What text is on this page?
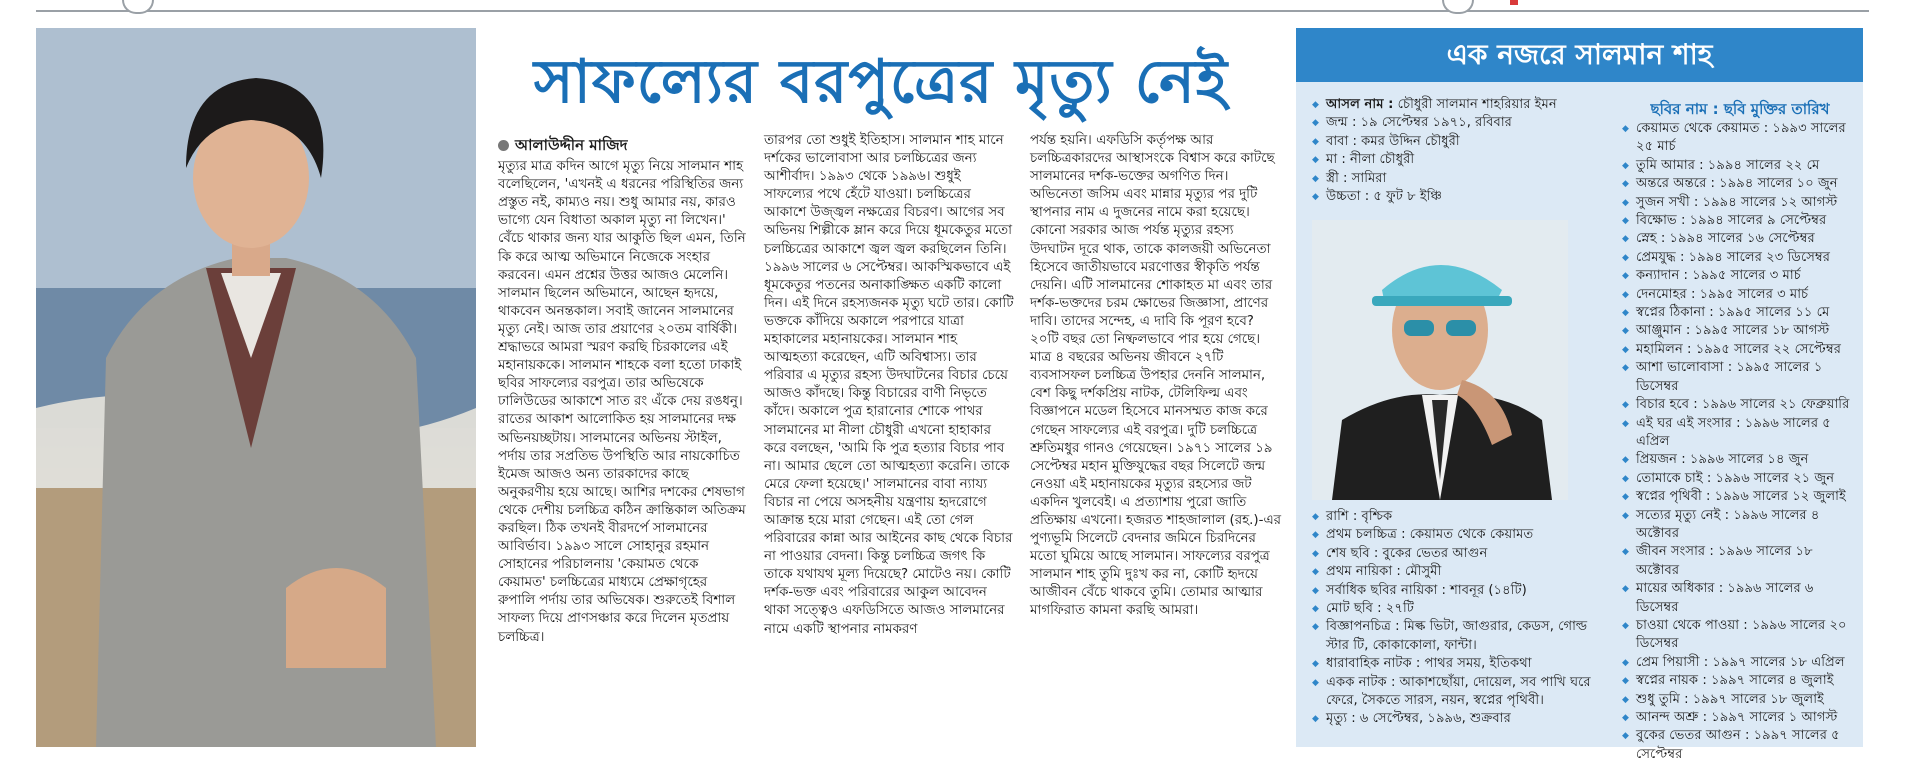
সাফল্যের বরপুত্রের মৃত্যু নেই
আলাউদ্দীন মাজিদ

মৃত্যুর মাত্র কদিন আগে মৃত্যু নিয়ে সালমান শাহ বলেছিলেন, 'এখনই এ ধরনের পরিস্থিতির জন্য প্রস্তুত নই, কাম্যও নয়। শুধু আমার নয়, কারও ভাগ্যে যেন বিধাতা অকাল মৃত্যু না লিখেন।' বেঁচে থাকার জন্য যার আকুতি ছিল এমন, তিনি কি করে আত্ম অভিমানে নিজেকে সংহার করবেন। এমন প্রশ্নের উত্তর আজও মেলেনি। সালমান ছিলেন অভিমানে, আছেন হৃদয়ে, থাকবেন অনন্তকাল। সবাই জানেন সালমানের মৃত্যু নেই। আজ তার প্রয়াণের ২০তম বার্ষিকী। শ্রদ্ধাভরে আমরা স্মরণ করছি চিরকালের এই মহানায়ককে। সালমান শাহকে বলা হতো ঢাকাই ছবির সাফল্যের বরপুত্র। তার অভিষেকে ঢালিউডের আকাশে সাত রং এঁকে দেয় রঙধনু। রাতের আকাশ আলোকিত হয় সালমানের দক্ষ অভিনয়চ্ছটায়। সালমানের অভিনয় স্টাইল, পর্দায় তার সপ্রতিভ উপস্থিতি আর নায়কোচিত ইমেজ আজও অন্য তারকাদের কাছে অনুকরণীয় হয়ে আছে। আশির দশকের শেষভাগ থেকে দেশীয় চলচ্চিত্র কঠিন ক্রান্তিকাল অতিক্রম করছিল। ঠিক তখনই বীরদর্পে সালমানের আবির্ভাব। ১৯৯৩ সালে সোহানুর রহমান সোহানের পরিচালনায় 'কেয়ামত থেকে কেয়ামত' চলচ্চিত্রের মাধ্যমে প্রেক্ষাগৃহের রুপালি পর্দায় তার অভিষেক। শুরুতেই বিশাল সাফল্য দিয়ে প্রাণসঞ্চার করে দিলেন মৃতপ্রায় চলচ্চিত্র।

তারপর তো শুধুই ইতিহাস। সালমান শাহ মানে দর্শকের ভালোবাসা আর চলচ্চিত্রের জন্য আশীর্বাদ। ১৯৯৩ থেকে ১৯৯৬। শুধুই সাফল্যের পথে হেঁটে যাওয়া। চলচ্চিত্রের আকাশে উজ্জ্বল নক্ষত্রের বিচরণ। আগের সব অভিনয় শিল্পীকে ম্লান করে দিয়ে ধূমকেতুর মতো চলচ্চিত্রের আকাশে জ্বল জ্বল করছিলেন তিনি। ১৯৯৬ সালের ৬ সেপ্টেম্বর। আকস্মিকভাবে এই ধূমকেতুর পতনের অনাকাঙ্ক্ষিত একটি কালো দিন। এই দিনে রহস্যজনক মৃত্যু ঘটে তার। কোটি ভক্তকে কাঁদিয়ে অকালে পরপারে যাত্রা মহাকালের মহানায়কের। সালমান শাহ আত্মহত্যা করেছেন, এটি অবিশ্বাস্য। তার পরিবার এ মৃত্যুর রহস্য উদঘাটনের বিচার চেয়ে আজও কাঁদছে। কিন্তু বিচারের বাণী নিভৃতে কাঁদে। অকালে পুত্র হারানোর শোকে পাথর সালমানের মা নীলা চৌধুরী এখনো হাহাকার করে বলছেন, 'আমি কি পুত্র হত্যার বিচার পাব না। আমার ছেলে তো আত্মহত্যা করেনি। তাকে মেরে ফেলা হয়েছে।' সালমানের বাবা ন্যায্য বিচার না পেয়ে অসহনীয় যন্ত্রণায় হৃদরোগে আক্রান্ত হয়ে মারা গেছেন। এই তো গেল পরিবারের কান্না আর আইনের কাছ থেকে বিচার না পাওয়ার বেদনা। কিন্তু চলচ্চিত্র জগৎ কি তাকে যথাযথ মূল্য দিয়েছে? মোটেও নয়। কোটি দর্শক-ভক্ত এবং পরিবারের আকুল আবেদন থাকা সত্ত্বেও এফডিসিতে আজও সালমানের নামে একটি স্থাপনার নামকরণ

পর্যন্ত হয়নি। এফডিসি কর্তৃপক্ষ আর চলচ্চিত্রকারদের আস্থাসংকে বিশ্বাস করে কাটছে সালমানের দর্শক-ভক্তের অগণিত দিন। অভিনেতা জসিম এবং মান্নার মৃত্যুর পর দুটি স্থাপনার নাম এ দুজনের নামে করা হয়েছে। কোনো সরকার আজ পর্যন্ত মৃত্যুর রহস্য উদঘাটন দূরে থাক, তাকে কালজয়ী অভিনেতা হিসেবে জাতীয়ভাবে মরণোত্তর স্বীকৃতি পর্যন্ত দেয়নি। এটি সালমানের শোকাহত মা এবং তার দর্শক-ভক্তদের চরম ক্ষোভের জিজ্ঞাসা, প্রাণের দাবি। তাদের সন্দেহ, এ দাবি কি পূরণ হবে? ২০টি বছর তো নিষ্ফলভাবে পার হয়ে গেছে। মাত্র ৪ বছরের অভিনয় জীবনে ২৭টি ব্যবসাসফল চলচ্চিত্র উপহার দেননি সালমান, বেশ কিছু দর্শকপ্রিয় নাটক, টেলিফিল্ম এবং বিজ্ঞাপনে মডেল হিসেবে মানসম্মত কাজ করে গেছেন সাফল্যের এই বরপুত্র। দুটি চলচ্চিত্রে শ্রুতিমধুর গানও গেয়েছেন। ১৯৭১ সালের ১৯ সেপ্টেম্বর মহান মুক্তিযুদ্ধের বছর সিলেটে জন্ম নেওয়া এই মহানায়কের মৃত্যুর রহস্যের জট একদিন খুলবেই। এ প্রত্যাশায় পুরো জাতি প্রতিক্ষায় এখনো। হজরত শাহজালাল (রহ.)-এর পুণ্যভূমি সিলেটে বেদনার জমিনে চিরদিনের মতো ঘুমিয়ে আছে সালমান। সাফল্যের বরপুত্র সালমান শাহ তুমি দুঃখ কর না, কোটি হৃদয়ে আজীবন বেঁচে থাকবে তুমি। তোমার আত্মার মাগফিরাত কামনা করছি আমরা।

এক নজরে সালমান শাহ
◆ আসল নাম : চৌধুরী সালমান শাহরিয়ার ইমন
◆ জন্ম : ১৯ সেপ্টেম্বর ১৯৭১, রবিবার
◆ বাবা : কমর উদ্দিন চৌধুরী
◆ মা : নীলা চৌধুরী
◆ স্ত্রী : সামিরা
◆ উচ্চতা : ৫ ফুট ৮ ইঞ্চি
◆ রাশি : বৃশ্চিক
◆ প্রথম চলচ্চিত্র : কেয়ামত থেকে কেয়ামত
◆ শেষ ছবি : বুকের ভেতর আগুন
◆ প্রথম নায়িকা : মৌসুমী
◆ সর্বাধিক ছবির নায়িকা : শাবনূর (১৪টি)
◆ মোট ছবি : ২৭টি
◆ বিজ্ঞাপনচিত্র : মিল্ক ভিটা, জাগুরার, কেডস, গোল্ড স্টার টি, কোকাকোলা, ফান্টা।
◆ ধারাবাহিক নাটক : পাথর সময়, ইতিকথা
◆ একক নাটক : আকাশছোঁয়া, দোয়েল, সব পাখি ঘরে ফেরে, সৈকতে সারস, নয়ন, স্বপ্নের পৃথিবী।
◆ মৃত্যু : ৬ সেপ্টেম্বর, ১৯৯৬, শুক্রবার
ছবির নাম : ছবি মুক্তির তারিখ
◆ কেয়ামত থেকে কেয়ামত : ১৯৯৩ সালের ২৫ মার্চ
◆ তুমি আমার : ১৯৯৪ সালের ২২ মে
◆ অন্তরে অন্তরে : ১৯৯৪ সালের ১০ জুন
◆ সুজন সখী : ১৯৯৪ সালের ১২ আগস্ট
◆ বিক্ষোভ : ১৯৯৪ সালের ৯ সেপ্টেম্বর
◆ স্নেহ : ১৯৯৪ সালের ১৬ সেপ্টেম্বর
◆ প্রেমযুদ্ধ : ১৯৯৪ সালের ২৩ ডিসেম্বর
◆ কন্যাদান : ১৯৯৫ সালের ৩ মার্চ
◆ দেনমোহর : ১৯৯৫ সালের ৩ মার্চ
◆ স্বপ্নের ঠিকানা : ১৯৯৫ সালের ১১ মে
◆ আঞ্জুমান : ১৯৯৫ সালের ১৮ আগস্ট
◆ মহামিলন : ১৯৯৫ সালের ২২ সেপ্টেম্বর
◆ আশা ভালোবাসা : ১৯৯৫ সালের ১ ডিসেম্বর
◆ বিচার হবে : ১৯৯৬ সালের ২১ ফেব্রুয়ারি
◆ এই ঘর এই সংসার : ১৯৯৬ সালের ৫ এপ্রিল
◆ প্রিয়জন : ১৯৯৬ সালের ১৪ জুন
◆ তোমাকে চাই : ১৯৯৬ সালের ২১ জুন
◆ স্বপ্নের পৃথিবী : ১৯৯৬ সালের ১২ জুলাই
◆ সত্যের মৃত্যু নেই : ১৯৯৬ সালের ৪ অক্টোবর
◆ জীবন সংসার : ১৯৯৬ সালের ১৮ অক্টোবর
◆ মায়ের অধিকার : ১৯৯৬ সালের ৬ ডিসেম্বর
◆ চাওয়া থেকে পাওয়া : ১৯৯৬ সালের ২০ ডিসেম্বর
◆ প্রেম পিয়াসী : ১৯৯৭ সালের ১৮ এপ্রিল
◆ স্বপ্নের নায়ক : ১৯৯৭ সালের ৪ জুলাই
◆ শুধু তুমি : ১৯৯৭ সালের ১৮ জুলাই
◆ আনন্দ অশ্রু : ১৯৯৭ সালের ১ আগস্ট
◆ বুকের ভেতর আগুন : ১৯৯৭ সালের ৫ সেপ্টেম্বর
